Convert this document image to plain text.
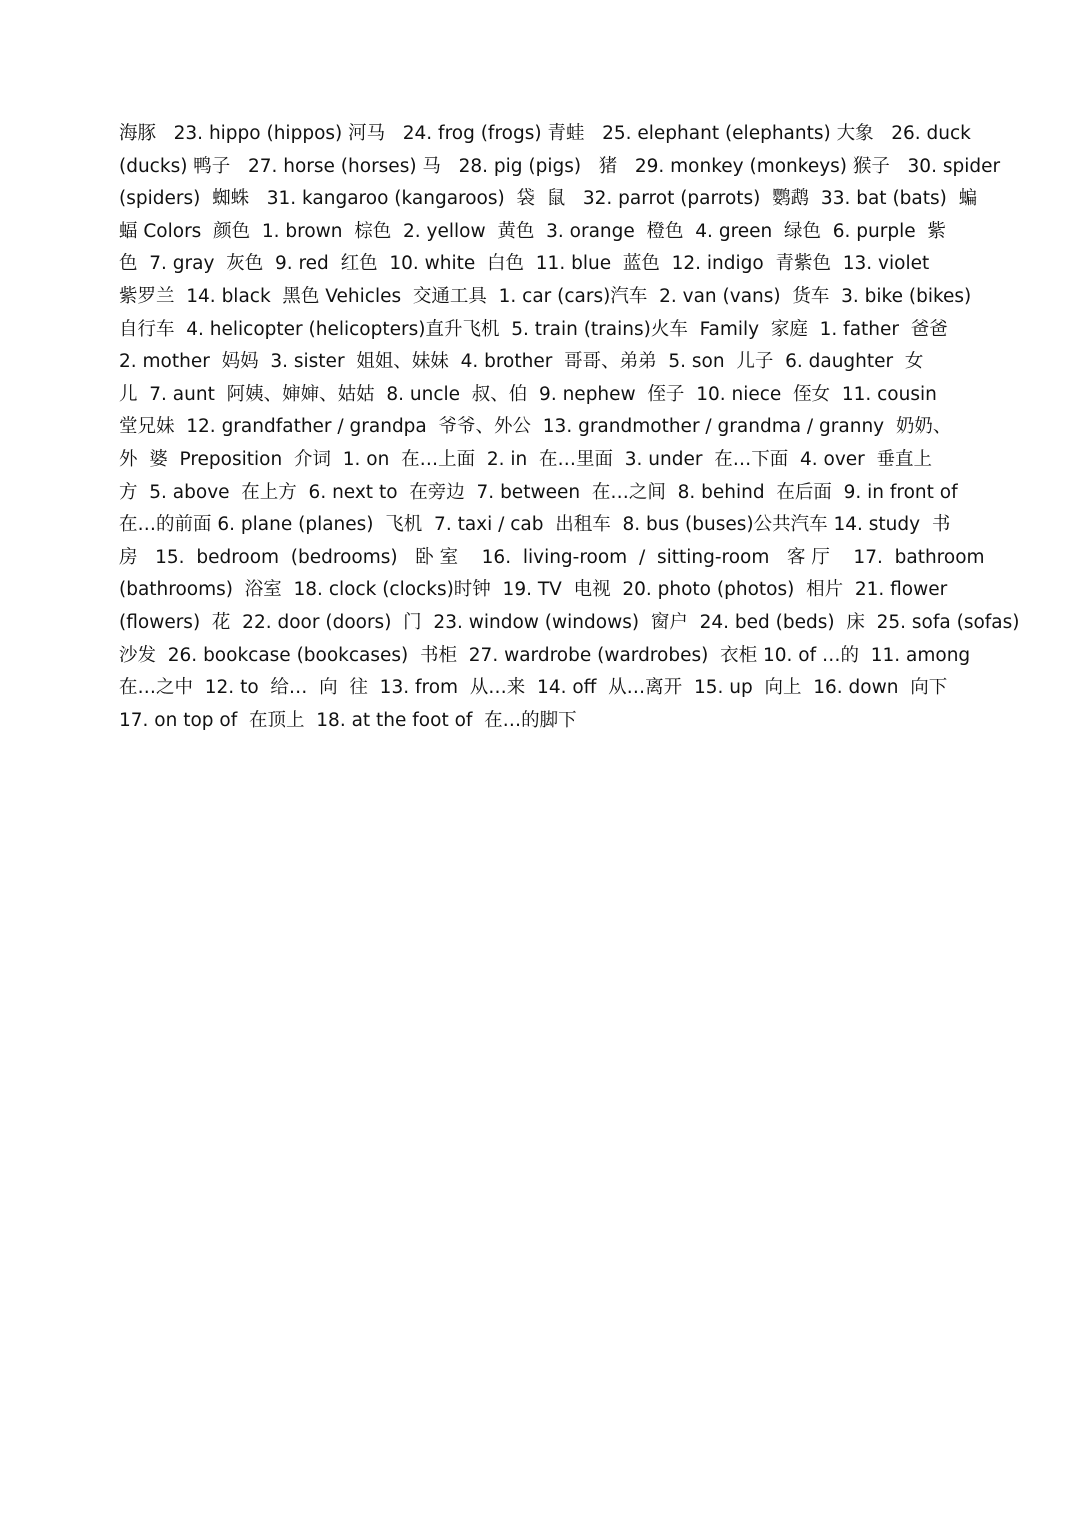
海豚   23. hippo (hippos) 河马   24. frog (frogs) 青蛙   25. elephant (elephants) 大象   26. duck
(ducks) 鸭子   27. horse (horses) 马   28. pig (pigs)   猪   29. monkey (monkeys) 猴子   30. spider
(spiders)  蜘蛛   31. kangaroo (kangaroos)  袋  鼠   32. parrot (parrots)  鹦鹉  33. bat (bats)  蝙
蝠 Colors  颜色  1. brown  棕色  2. yellow  黄色  3. orange  橙色  4. green  绿色  6. purple  紫
色  7. gray  灰色  9. red  红色  10. white  白色  11. blue  蓝色  12. indigo  青紫色  13. violet
紫罗兰  14. black  黑色 Vehicles  交通工具  1. car (cars)汽车  2. van (vans)  货车  3. bike (bikes)
自行车  4. helicopter (helicopters)直升飞机  5. train (trains)火车  Family  家庭  1. father  爸爸
2. mother  妈妈  3. sister  姐姐、妹妹  4. brother  哥哥、弟弟  5. son  儿子  6. daughter  女
儿  7. aunt  阿姨、婶婶、姑姑  8. uncle  叔、伯  9. nephew  侄子  10. niece  侄女  11. cousin
堂兄妹  12. grandfather / grandpa  爷爷、外公  13. grandmother / grandma / granny  奶奶、
外  婆  Preposition  介词  1. on  在…上面  2. in  在…里面  3. under  在…下面  4. over  垂直上
方  5. above  在上方  6. next to  在旁边  7. between  在…之间  8. behind  在后面  9. in front of
在…的前面 6. plane (planes)  飞机  7. taxi / cab  出租车  8. bus (buses)公共汽车 14. study  书
房   15.  bedroom  (bedrooms)   卧 室    16.  living-room  /  sitting-room   客 厅    17.  bathroom
(bathrooms)  浴室  18. clock (clocks)时钟  19. TV  电视  20. photo (photos)  相片  21. flower
(flowers)  花  22. door (doors)  门  23. window (windows)  窗户  24. bed (beds)  床  25. sofa (sofas)
沙发  26. bookcase (bookcases)  书柜  27. wardrobe (wardrobes)  衣柜 10. of …的  11. among
在…之中  12. to  给…  向  往  13. from  从…来  14. off  从…离开  15. up  向上  16. down  向下
17. on top of  在顶上  18. at the foot of  在…的脚下
